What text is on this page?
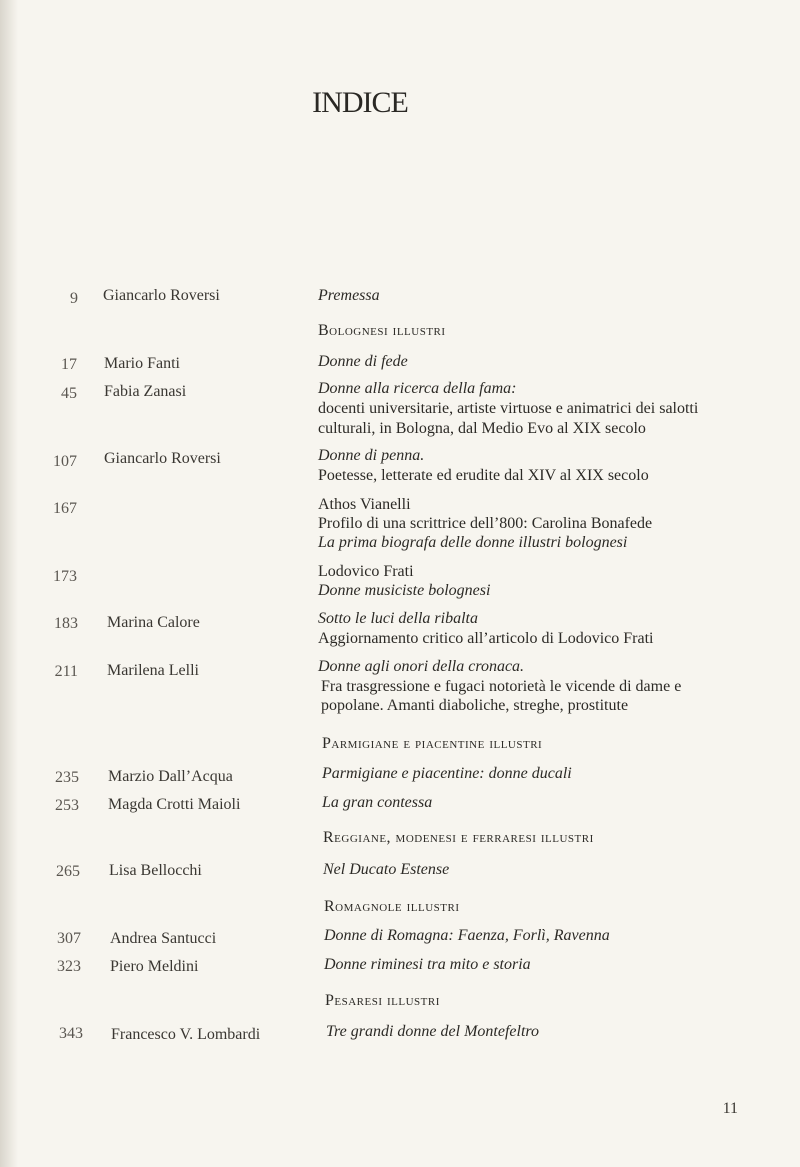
INDICE
9 Giancarlo Roversi	Premessa
Bolognesi illustri
17 Mario Fanti	Donne di fede
45 Fabia Zanasi	Donne alla ricerca della fama:
docenti universitarie, artiste virtuose e animatrici dei salotti
culturali, in Bologna, dal Medio Evo al XIX secolo
107 Giancarlo Roversi	Donne di penna.
Poetesse, letterate ed erudite dal XIV al XIX secolo
167	Athos Vianelli
Profilo di una scrittrice dell’800: Carolina Bonafede
La prima biografa delle donne illustri bolognesi
173	Lodovico Frati
Donne musiciste bolognesi
183 Marina Calore	Sotto le luci della ribalta
Aggiornamento critico all’articolo di Lodovico Frati
211 Marilena Lelli	Donne agli onori della cronaca.
Fra trasgressione e fugaci notorietà le vicende di dame e
popolane. Amanti diaboliche, streghe, prostitute
Parmigiane e piacentine illustri
235 Marzio Dall’Acqua	Parmigiane e piacentine: donne ducali
253 Magda Crotti Maioli	La gran contessa
Reggiane, modenesi e ferraresi illustri
265 Lisa Bellocchi	Nel Ducato Estense
Romagnole illustri
307 Andrea Santucci	Donne di Romagna: Faenza, Forlì, Ravenna
323 Piero Meldini	Donne riminesi tra mito e storia
Pesaresi illustri
343 Francesco V. Lombardi	Tre grandi donne del Montefeltro
11
